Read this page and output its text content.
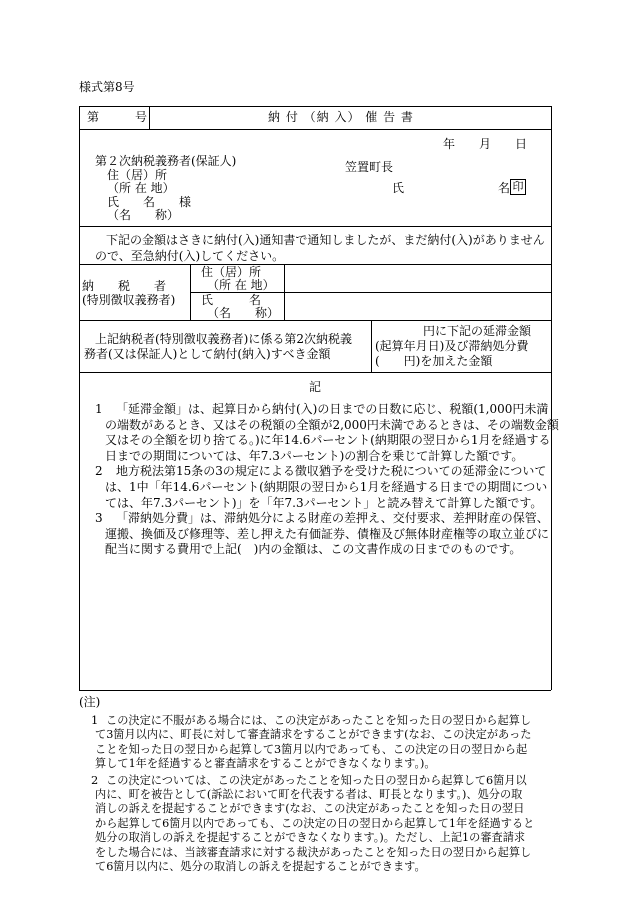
様式第8号
第　　　号	納 付 （納 入） 催 告 書
年　　月　　日
第２次納税義務者(保証人)
住（居）所
（所 在 地）
氏　　名　　様
（名　　称）
笠置町長
氏	名 印
下記の金額はさきに納付(入)通知書で通知しましたが、まだ納付(入)がありません
ので、至急納付(入)してください。
納　　税　　者
(特別徴収義務者)
住（居）所
（所 在 地）
氏　　　名
（名　　称）
上記納税者(特別徴収義務者)に係る第2次納税義
務者(又は保証人)として納付(納入)すべき金額
円に下記の延滞金額
(起算年月日)及び滞納処分費
(　　円)を加えた金額
記
1 「延滞金額」は、起算日から納付(入)の日までの日数に応じ、税額(1,000円未満
の端数があるとき、又はその税額の全額が2,000円未満であるときは、その端数金額
又はその全額を切り捨てる。)に年14.6パーセント(納期限の翌日から1月を経過する
日までの期間については、年7.3パーセント)の割合を乗じて計算した額です。
2 地方税法第15条の3の規定による徴収猶予を受けた税についての延滞金について
は、1中「年14.6パーセント(納期限の翌日から1月を経過する日までの期間につい
ては、年7.3パーセント)」を「年7.3パーセント」と読み替えて計算した額です。
3 「滞納処分費」は、滞納処分による財産の差押え、交付要求、差押財産の保管、
運搬、換価及び修理等、差し押えた有価証券、債権及び無体財産権等の取立並びに
配当に関する費用で上記(　)内の金額は、この文書作成の日までのものです。
(注)
1 この決定に不服がある場合には、この決定があったことを知った日の翌日から起算し
て3箇月以内に、町長に対して審査請求をすることができます(なお、この決定があった
ことを知った日の翌日から起算して3箇月以内であっても、この決定の日の翌日から起
算して1年を経過すると審査請求をすることができなくなります。)。
2 この決定については、この決定があったことを知った日の翌日から起算して6箇月以
内に、町を被告として(訴訟において町を代表する者は、町長となります。)、処分の取
消しの訴えを提起することができます(なお、この決定があったことを知った日の翌日
から起算して6箇月以内であっても、この決定の日の翌日から起算して1年を経過すると
処分の取消しの訴えを提起することができなくなります。)。ただし、上記1の審査請求
をした場合には、当該審査請求に対する裁決があったことを知った日の翌日から起算し
て6箇月以内に、処分の取消しの訴えを提起することができます。
